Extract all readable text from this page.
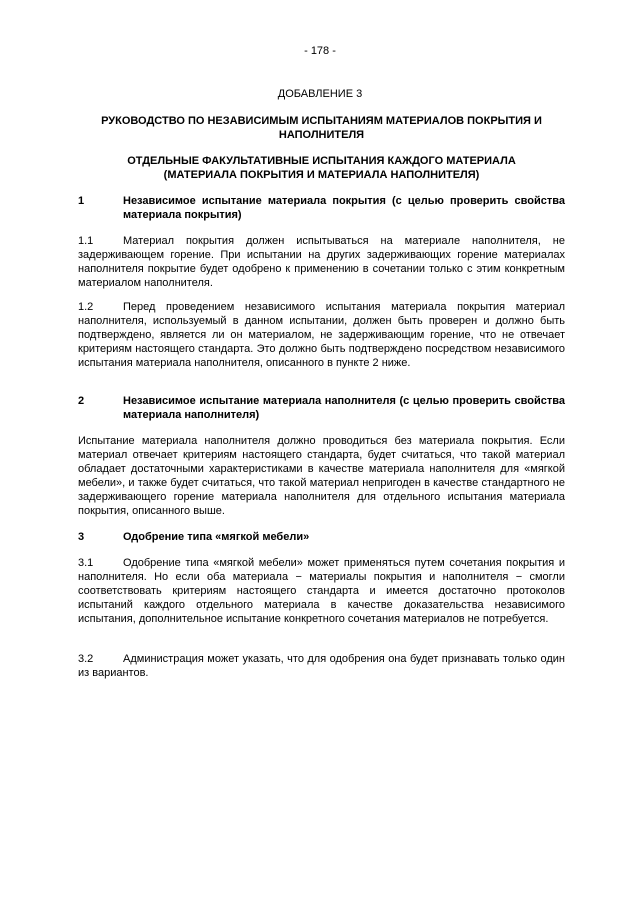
- 178 -
ДОБАВЛЕНИЕ 3
РУКОВОДСТВО ПО НЕЗАВИСИМЫМ ИСПЫТАНИЯМ МАТЕРИАЛОВ ПОКРЫТИЯ И НАПОЛНИТЕЛЯ
ОТДЕЛЬНЫЕ ФАКУЛЬТАТИВНЫЕ ИСПЫТАНИЯ КАЖДОГО МАТЕРИАЛА
(МАТЕРИАЛА ПОКРЫТИЯ И МАТЕРИАЛА НАПОЛНИТЕЛЯ)
1	Независимое испытание материала покрытия (с целью проверить свойства материала покрытия)
1.1	Материал покрытия должен испытываться на материале наполнителя, не задерживающем горение. При испытании на других задерживающих горение материалах наполнителя покрытие будет одобрено к применению в сочетании только с этим конкретным материалом наполнителя.
1.2	Перед проведением независимого испытания материала покрытия материал наполнителя, используемый в данном испытании, должен быть проверен и должно быть подтверждено, является ли он материалом, не задерживающим горение, что не отвечает критериям настоящего стандарта. Это должно быть подтверждено посредством независимого испытания материала наполнителя, описанного в пункте 2 ниже.
2	Независимое испытание материала наполнителя (с целью проверить свойства материала наполнителя)
Испытание материала наполнителя должно проводиться без материала покрытия. Если материал отвечает критериям настоящего стандарта, будет считаться, что такой материал обладает достаточными характеристиками в качестве материала наполнителя для «мягкой мебели», и также будет считаться, что такой материал непригоден в качестве стандартного не задерживающего горение материала наполнителя для отдельного испытания материала покрытия, описанного выше.
3	Одобрение типа «мягкой мебели»
3.1	Одобрение типа «мягкой мебели» может применяться путем сочетания покрытия и наполнителя. Но если оба материала − материалы покрытия и наполнителя − смогли соответствовать критериям настоящего стандарта и имеется достаточно протоколов испытаний каждого отдельного материала в качестве доказательства независимого испытания, дополнительное испытание конкретного сочетания материалов не потребуется.
3.2	Администрация может указать, что для одобрения она будет признавать только один из вариантов.
